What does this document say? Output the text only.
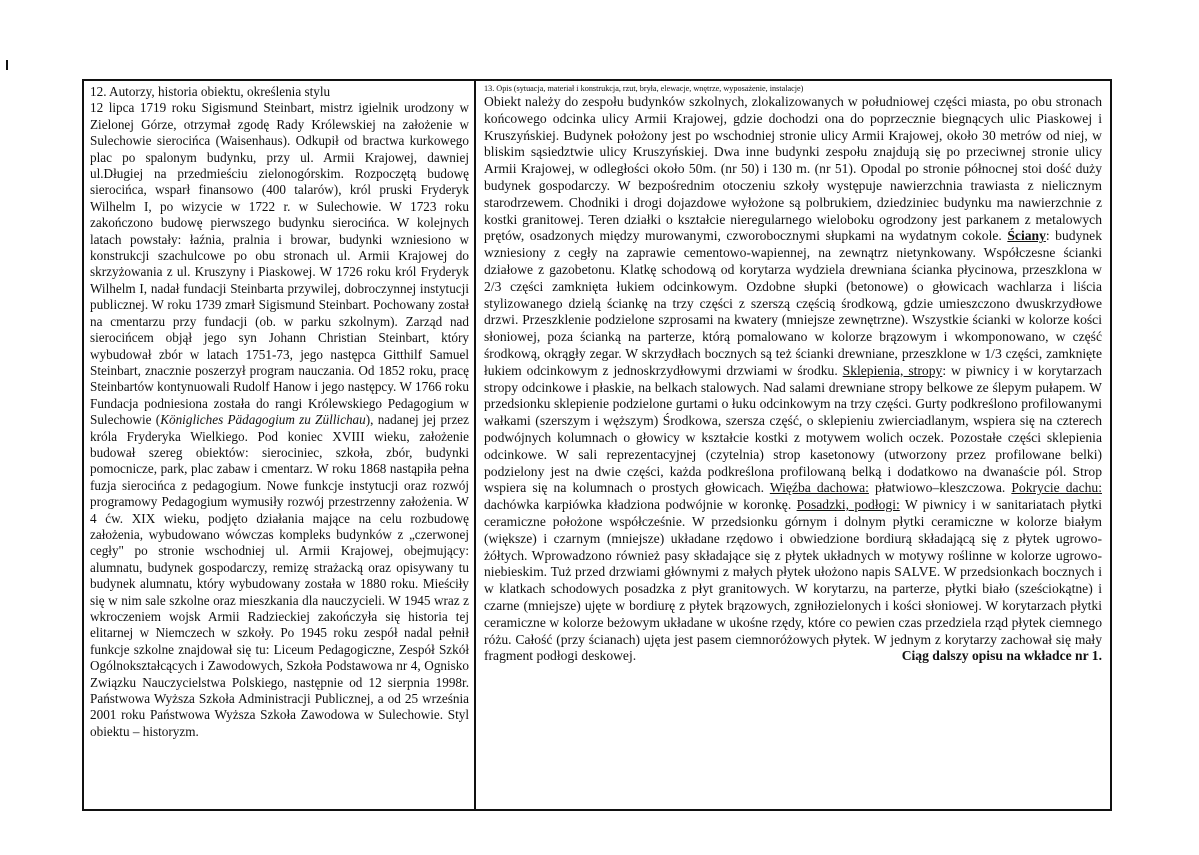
12. Autorzy, historia obiektu, określenia stylu

12 lipca 1719 roku Sigismund Steinbart, mistrz igielnik urodzony w Zielonej Górze, otrzymał zgodę Rady Królewskiej na założenie w Sulechowie sierocińca (Waisenhaus). Odkupił od bractwa kurkowego plac po spalonym budynku, przy ul. Armii Krajowej, dawniej ul.Długiej na przedmieściu zielonogórskim. Rozpoczętą budowę sierocińca, wsparł finansowo (400 talarów), król pruski Fryderyk Wilhelm I, po wizycie w 1722 r. w Sulechowie. W 1723 roku zakończono budowę pierwszego budynku sierocińca. W kolejnych latach powstały: łaźnia, pralnia i browar, budynki wzniesiono w konstrukcji szachulcowe po obu stronach ul. Armii Krajowej do skrzyżowania z ul. Kruszyny i Piaskowej. W 1726 roku król Fryderyk Wilhelm I, nadał fundacji Steinbarta przywilej, dobroczynnej instytucji publicznej. W roku 1739 zmarł Sigismund Steinbart. Pochowany został na cmentarzu przy fundacji (ob. w parku szkolnym). Zarząd nad sierocińcem objął jego syn Johann Christian Steinbart, który wybudował zbór w latach 1751-73, jego następca Gitthilf Samuel Steinbart, znacznie poszerzył program nauczania. Od 1852 roku, pracę Steinbartów kontynuowali Rudolf Hanow i jego następcy. W 1766 roku Fundacja podniesiona została do rangi Królewskiego Pedagogium w Sulechowie (Königliches Pädagogium zu Züllichau), nadanej jej przez króla Fryderyka Wielkiego. Pod koniec XVIII wieku, założenie budował szereg obiektów: sierociniec, szkoła, zbór, budynki pomocnicze, park, plac zabaw i cmentarz. W roku 1868 nastąpiła pełna fuzja sierocińca z pedagogium. Nowe funkcje instytucji oraz rozwój programowy Pedagogium wymusiły rozwój przestrzenny założenia. W 4 ćw. XIX wieku, podjęto działania mające na celu rozbudowę założenia, wybudowano wówczas kompleks budynków z „czerwonej cegły" po stronie wschodniej ul. Armii Krajowej, obejmujący: alumnatu, budynek gospodarczy, remizę strażacką oraz opisywany tu budynek alumnatu, który wybudowany została w 1880 roku. Mieściły się w nim sale szkolne oraz mieszkania dla nauczycieli. W 1945 wraz z wkroczeniem wojsk Armii Radzieckiej zakończyła się historia tej elitarnej w Niemczech w szkoły. Po 1945 roku zespół nadal pełnił funkcje szkolne znajdował się tu: Liceum Pedagogiczne, Zespół Szkół Ogólnokształcących i Zawodowych, Szkoła Podstawowa nr 4, Ognisko Związku Nauczycielstwa Polskiego, następnie od 12 sierpnia 1998r. Państwowa Wyższa Szkoła Administracji Publicznej, a od 25 września 2001 roku Państwowa Wyższa Szkoła Zawodowa w Sulechowie. Styl obiektu – historyzm.

13. Opis (sytuacja, materiał i konstrukcja, rzut, bryła, elewacje, wnętrze, wyposażenie, instalacje)

Obiekt należy do zespołu budynków szkolnych, zlokalizowanych w południowej części miasta, po obu stronach końcowego odcinka ulicy Armii Krajowej, gdzie dochodzi ona do poprzecznie biegnących ulic Piaskowej i Kruszyńskiej. Budynek położony jest po wschodniej stronie ulicy Armii Krajowej, około 30 metrów od niej, w bliskim sąsiedztwie ulicy Kruszyńskiej. Dwa inne budynki zespołu znajdują się po przeciwnej stronie ulicy Armii Krajowej, w odległości około 50m. (nr 50) i 130 m. (nr 51). Opodal po stronie północnej stoi dość duży budynek gospodarczy. W bezpośrednim otoczeniu szkoły występuje nawierzchnia trawiasta z nielicznym starodrzewem. Chodniki i drogi dojazdowe wyłożone są polbrukiem, dziedziniec budynku ma nawierzchnie z kostki granitowej. Teren działki o kształcie nieregularnego wieloboku ogrodzony jest parkanem z metalowych prętów, osadzonych między murowanymi, czworobocznymi słupkami na wydatnym cokole. Ściany: budynek wzniesiony z cegły na zaprawie cementowo-wapiennej, na zewnątrz nietynkowany. Współczesne ścianki działowe z gazobetonu. Klatkę schodową od korytarza wydziela drewniana ścianka płycinowa, przeszklona w 2/3 części zamknięta łukiem odcinkowym. Ozdobne słupki (betonowe) o głowicach wachlarza i liścia stylizowanego dzielą ściankę na trzy części z szerszą częścią środkową, gdzie umieszczono dwuskrzydłowe drzwi. Przeszklenie podzielone szprosami na kwatery (mniejsze zewnętrzne). Wszystkie ścianki w kolorze kości słoniowej, poza ścianką na parterze, którą pomalowano w kolorze brązowym i wkomponowano, w część środkową, okrągły zegar. W skrzydłach bocznych są też ścianki drewniane, przeszklone w 1/3 części, zamknięte łukiem odcinkowym z jednoskrzydłowymi drzwiami w środku. Sklepienia, stropy: w piwnicy i w korytarzach stropy odcinkowe i płaskie, na belkach stalowych. Nad salami drewniane stropy belkowe ze ślepym pułapem. W przedsionku sklepienie podzielone gurtami o łuku odcinkowym na trzy części. Gurty podkreślono profilowanymi wałkami (szerszym i węższym) Środkowa, szersza część, o sklepieniu zwierciadlanym, wspiera się na czterech podwójnych kolumnach o głowicy w kształcie kostki z motywem wolich oczek. Pozostałe części sklepienia odcinkowe. W sali reprezentacyjnej (czytelnia) strop kasetonowy (utworzony przez profilowane belki) podzielony jest na dwie części, każda podkreślona profilowaną belką i dodatkowo na dwanaście pól. Strop wspiera się na kolumnach o prostych głowicach. Więźba dachowa: płatwiowo–kleszczowa. Pokrycie dachu: dachówka karpiówka kładziona podwójnie w koronkę. Posadzki, podłogi: W piwnicy i w sanitariatach płytki ceramiczne położone współcześnie. W przedsionku górnym i dolnym płytki ceramiczne w kolorze białym (większe) i czarnym (mniejsze) układane rzędowo i obwiedzione bordiurą składającą się z płytek ugrowo-żółtych. Wprowadzono również pasy składające się z płytek układnych w motywy roślinne w kolorze ugrowo- niebieskim. Tuż przed drzwiami głównymi z małych płytek ułożono napis SALVE. W przedsionkach bocznych i w klatkach schodowych posadzka z płyt granitowych. W korytarzu, na parterze, płytki biało (sześciokątne) i czarne (mniejsze) ujęte w bordiurę z płytek brązowych, zgniłozielonych i kości słoniowej. W korytarzach płytki ceramiczne w kolorze beżowym układane w ukośne rzędy, które co pewien czas przedziela rząd płytek ciemnego różu. Całość (przy ścianach) ujęta jest pasem ciemnoróżowych płytek. W jednym z korytarzy zachował się mały fragment podłogi deskowej.	Ciąg dalszy opisu na wkładce nr 1.
